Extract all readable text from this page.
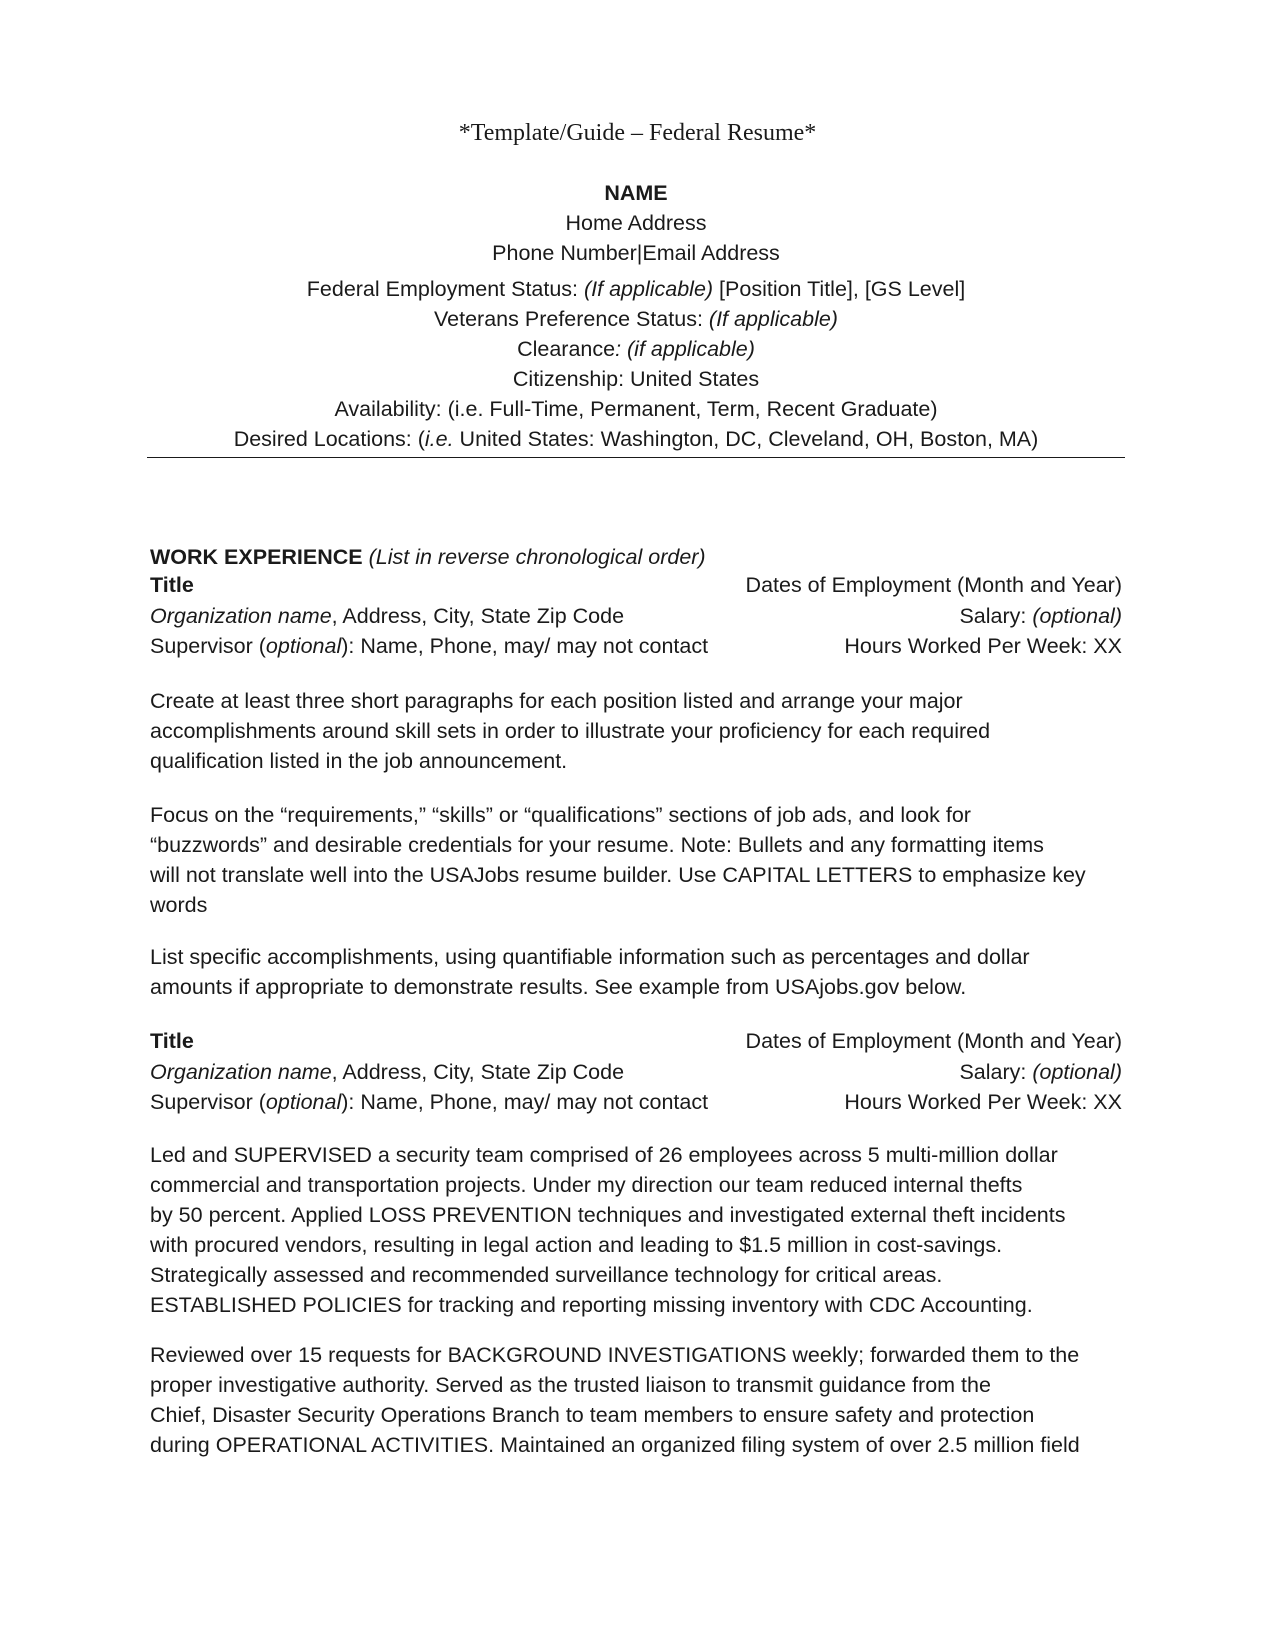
*Template/Guide – Federal Resume*
NAME
Home Address
Phone Number|Email Address
Federal Employment Status: (If applicable) [Position Title], [GS Level]
Veterans Preference Status: (If applicable)
Clearance: (if applicable)
Citizenship: United States
Availability: (i.e. Full-Time, Permanent, Term, Recent Graduate)
Desired Locations: (i.e. United States: Washington, DC, Cleveland, OH, Boston, MA)
WORK EXPERIENCE (List in reverse chronological order)
Title	Dates of Employment (Month and Year)
Organization name, Address, City, State Zip Code	Salary: (optional)
Supervisor (optional): Name, Phone, may/ may not contact	Hours Worked Per Week: XX
Create at least three short paragraphs for each position listed and arrange your major
accomplishments around skill sets in order to illustrate your proficiency for each required
qualification listed in the job announcement.
Focus on the “requirements,” “skills” or “qualifications” sections of job ads, and look for
“buzzwords” and desirable credentials for your resume. Note: Bullets and any formatting items
will not translate well into the USAJobs resume builder. Use CAPITAL LETTERS to emphasize key
words
List specific accomplishments, using quantifiable information such as percentages and dollar
amounts if appropriate to demonstrate results. See example from USAjobs.gov below.
Title	Dates of Employment (Month and Year)
Organization name, Address, City, State Zip Code	Salary: (optional)
Supervisor (optional): Name, Phone, may/ may not contact	Hours Worked Per Week: XX
Led and SUPERVISED a security team comprised of 26 employees across 5 multi-million dollar
commercial and transportation projects. Under my direction our team reduced internal thefts
by 50 percent. Applied LOSS PREVENTION techniques and investigated external theft incidents
with procured vendors, resulting in legal action and leading to $1.5 million in cost-savings.
Strategically assessed and recommended surveillance technology for critical areas.
ESTABLISHED POLICIES for tracking and reporting missing inventory with CDC Accounting.
Reviewed over 15 requests for BACKGROUND INVESTIGATIONS weekly; forwarded them to the
proper investigative authority. Served as the trusted liaison to transmit guidance from the
Chief, Disaster Security Operations Branch to team members to ensure safety and protection
during OPERATIONAL ACTIVITIES. Maintained an organized filing system of over 2.5 million field
